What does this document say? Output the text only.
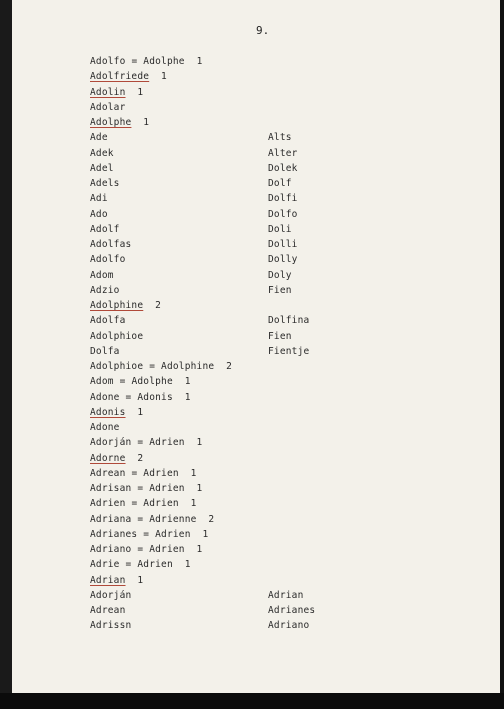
9.
Adolfo = Adolphe  1
Adolfriede  1
Adolin  1
Adolar
Adolphe  1
Ade
Adek
Adel
Adels
Adi
Ado
Adolf
Adolfas
Adolfo
Adom
Adzio
Adolphine  2
Adolfa
Adolphioe
Dolfa
Adolphioe = Adolphine  2
Adom = Adolphe  1
Adone = Adonis  1
Adonis  1
Adone
Adorján = Adrien  1
Adorne  2
Adrean = Adrien  1
Adrisan = Adrien  1
Adrien = Adrien  1
Adriana = Adrienne  2
Adrianes = Adrien  1
Adriano = Adrien  1
Adrie = Adrien  1
Adrian  1
Adorján
Adrean
Adrissn
Alts
Alter
Dolek
Dolf
Dolfi
Dolfo
Doli
Dolli
Dolly
Doly
Fien
Dolfina
Fien
Fientje
Adrian
Adrianes
Adriano
